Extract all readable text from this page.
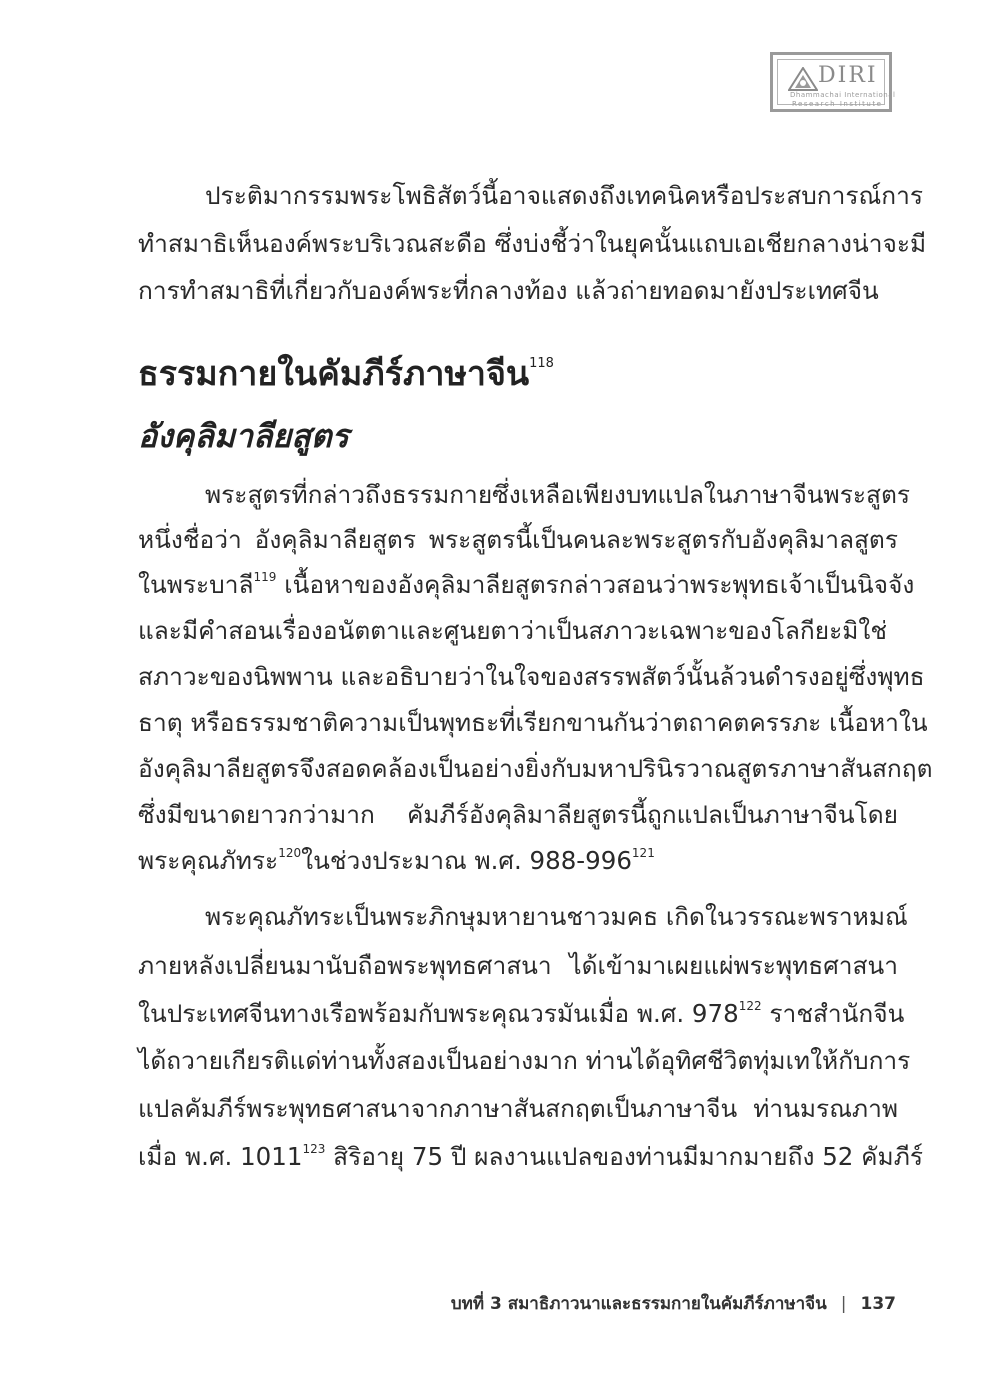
DIRI
Dhammachai International
Research Institute
ประติมากรรมพระโพธิสัตว์นี้อาจแสดงถึงเทคนิคหรือประสบการณ์การ
ทำสมาธิเห็นองค์พระบริเวณสะดือ ซึ่งบ่งชี้ว่าในยุคนั้นแถบเอเชียกลางน่าจะมี
การทำสมาธิที่เกี่ยวกับองค์พระที่กลางท้อง แล้วถ่ายทอดมายังประเทศจีน
ธรรมกายในคัมภีร์ภาษาจีน$^{118}$
อังคุลิมาลียสูตร
พระสูตรที่กล่าวถึงธรรมกายซึ่งเหลือเพียงบทแปลในภาษาจีนพระสูตร
หนึ่งชื่อว่า อังคุลิมาลียสูตร พระสูตรนี้เป็นคนละพระสูตรกับอังคุลิมาลสูตร
ในพระบาลี$^{119}$ เนื้อหาของอังคุลิมาลียสูตรกล่าวสอนว่าพระพุทธเจ้าเป็นนิจจัง
และมีคำสอนเรื่องอนัตตาและศูนยตาว่าเป็นสภาวะเฉพาะของโลกียะมิใช่
สภาวะของนิพพาน และอธิบายว่าในใจของสรรพสัตว์นั้นล้วนดำรงอยู่ซึ่งพุทธ
ธาตุ หรือธรรมชาติความเป็นพุทธะที่เรียกขานกันว่าตถาคตครรภะ เนื้อหาใน
อังคุลิมาลียสูตรจึงสอดคล้องเป็นอย่างยิ่งกับมหาปรินิรวาณสูตรภาษาสันสกฤต
ซึ่งมีขนาดยาวกว่ามาก คัมภีร์อังคุลิมาลียสูตรนี้ถูกแปลเป็นภาษาจีนโดย
พระคุณภัทระ$^{120}$ในช่วงประมาณ พ.ศ. $988-996^{121}$
พระคุณภัทระเป็นพระภิกษุมหายานชาวมคธ เกิดในวรรณะพราหมณ์
ภายหลังเปลี่ยนมานับถือพระพุทธศาสนา ได้เข้ามาเผยแผ่พระพุทธศาสนา
ในประเทศจีนทางเรือพร้อมกับพระคุณวรมันเมื่อ พ.ศ. $978^{122}$ ราชสำนักจีน
ได้ถวายเกียรติแด่ท่านทั้งสองเป็นอย่างมาก ท่านได้อุทิศชีวิตทุ่มเทให้กับการ
แปลคัมภีร์พระพุทธศาสนาจากภาษาสันสกฤตเป็นภาษาจีน ท่านมรณภาพ
เมื่อ พ.ศ. 1011$^{123}$ สิริอายุ 75 ปี ผลงานแปลของท่านมีมากมายถึง 52 คัมภีร์
บทที่ 3 สมาธิภาวนาและธรรมกายในคัมภีร์ภาษาจีน | 137
